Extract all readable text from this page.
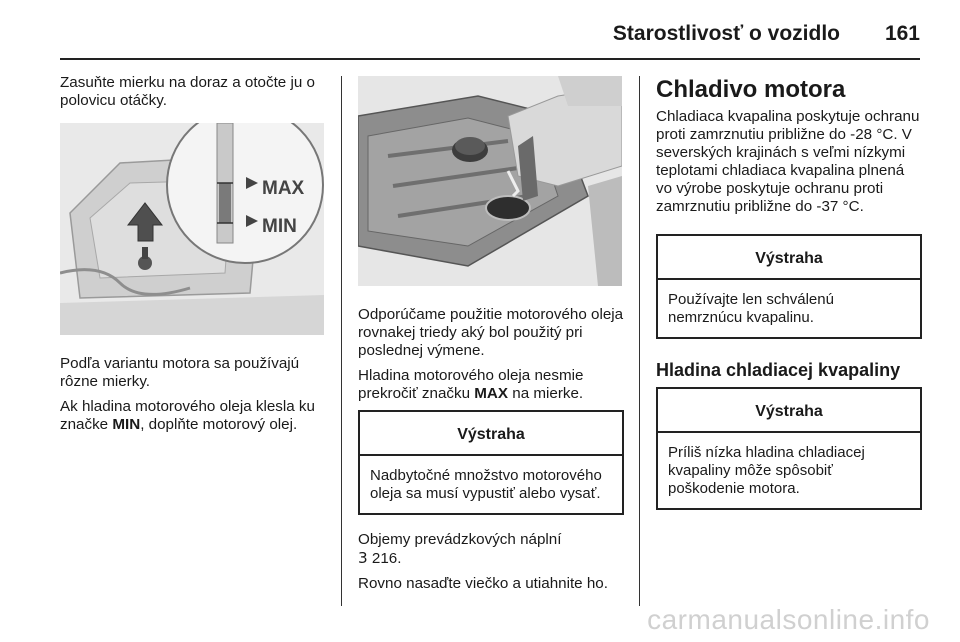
Starostlivosť o vozidlo 161

Zasuňte mierku na doraz a otočte ju o polovicu otáčky.

MAX
MIN

Podľa variantu motora sa používajú rôzne mierky.

Ak hladina motorového oleja klesla ku značke MIN, doplňte motorový olej.

Odporúčame použitie motorového oleja rovnakej triedy aký bol použitý pri poslednej výmene.

Hladina motorového oleja nesmie prekročiť značku MAX na mierke.

Výstraha
Nadbytočné množstvo motorového oleja sa musí vypustiť alebo vysať.

Objemy prevádzkových náplní
3 216.

Rovno nasaďte viečko a utiahnite ho.

Chladivo motora

Chladiaca kvapalina poskytuje ochranu proti zamrznutiu približne do -28 °C. V severských krajinách s veľmi nízkymi teplotami chladiaca kvapalina plnená vo výrobe poskytuje ochranu proti zamrznutiu približne do -37 °C.

Výstraha
Používajte len schválenú nemrznúcu kvapalinu.
Hladina chladiacej kvapaliny
Výstraha
Príliš nízka hladina chladiacej kvapaliny môže spôsobiť poškodenie motora.
carmanualsonline.info
